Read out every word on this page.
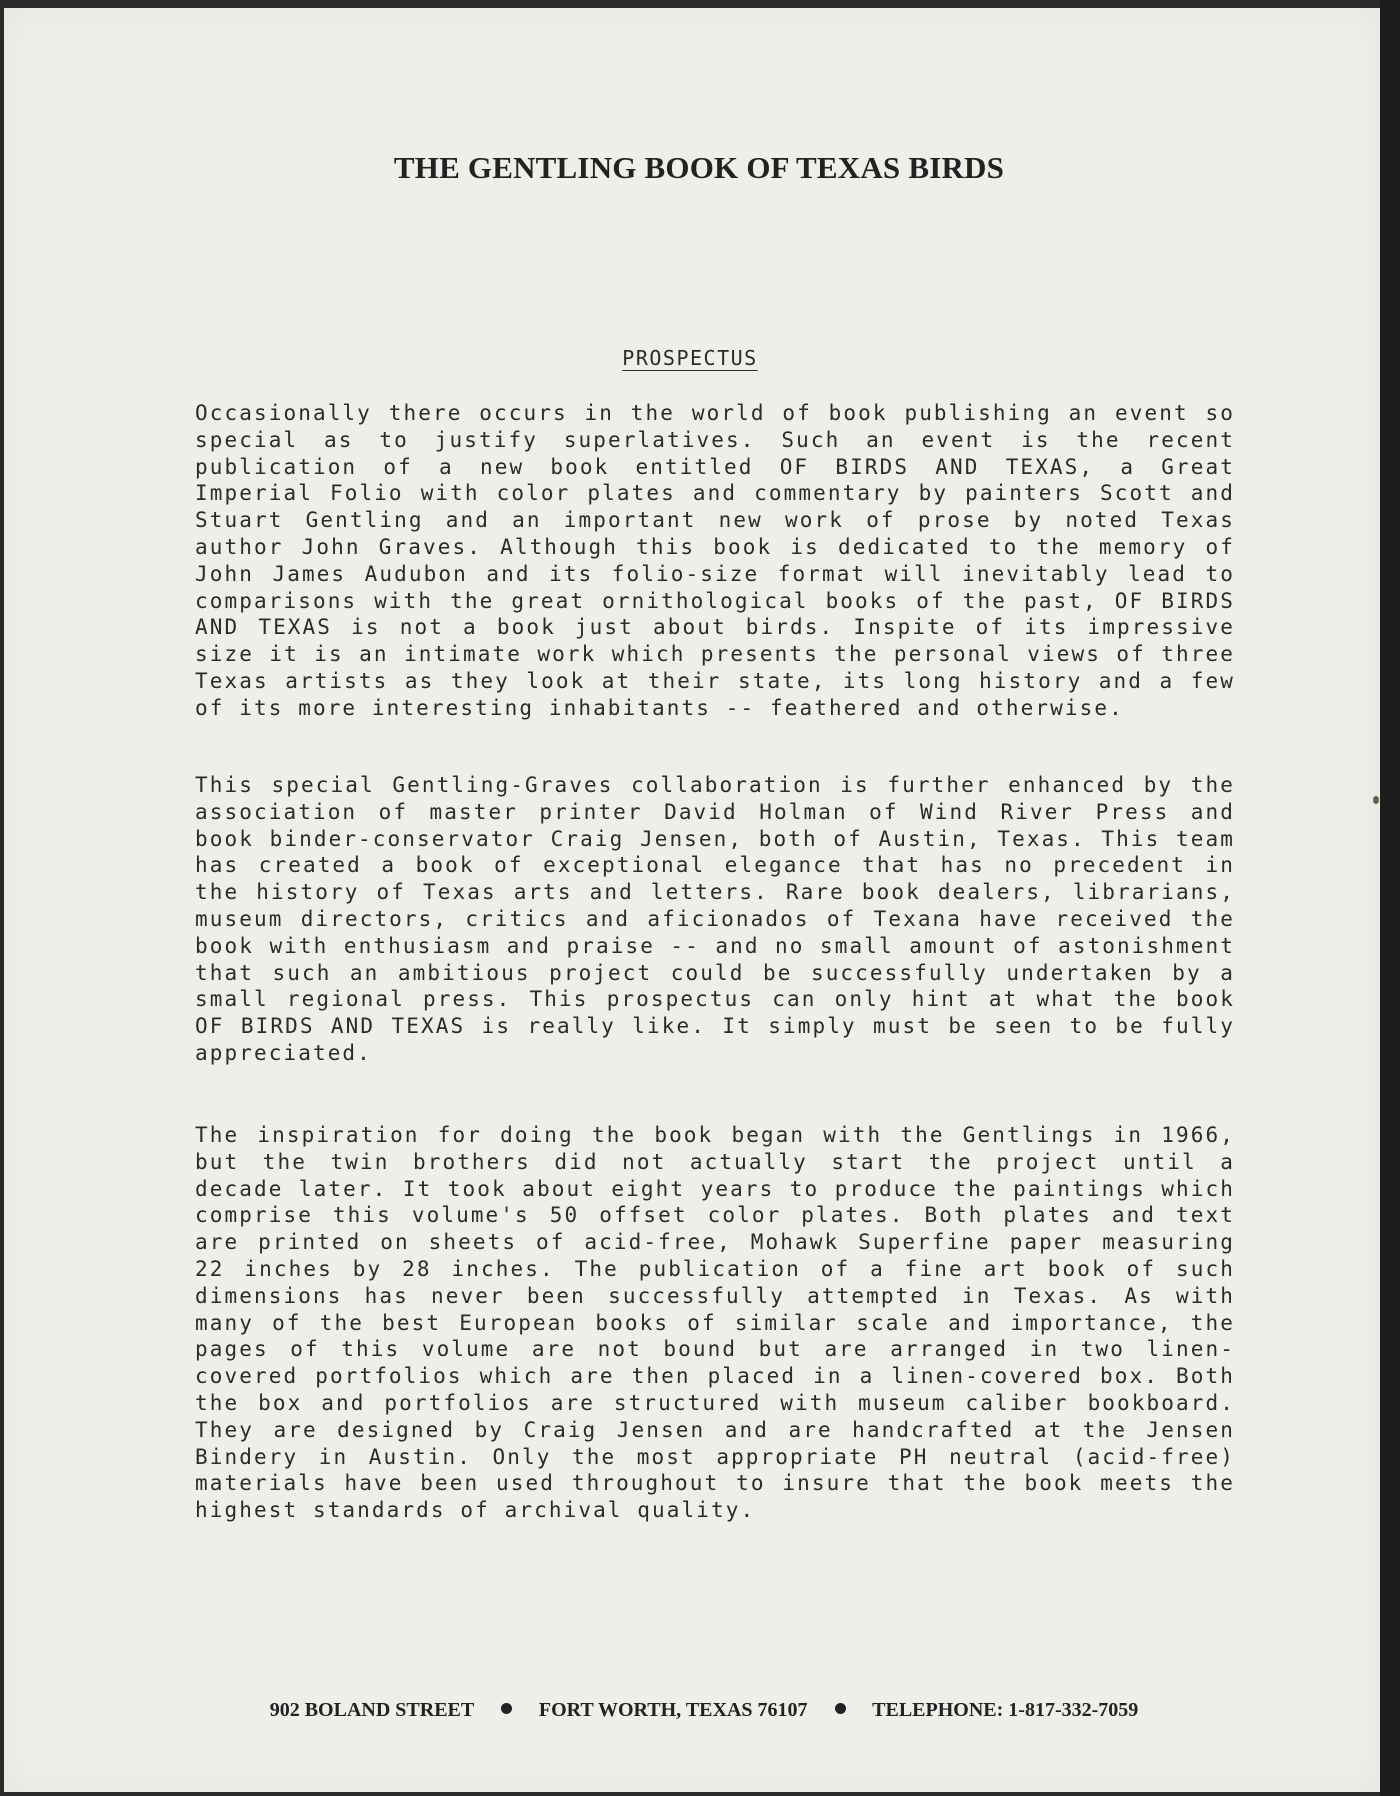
THE GENTLING BOOK OF TEXAS BIRDS
PROSPECTUS

Occasionally there occurs in the world of book publishing an event so special as to justify superlatives. Such an event is the recent publication of a new book entitled OF BIRDS AND TEXAS, a Great Imperial Folio with color plates and commentary by painters Scott and Stuart Gentling and an important new work of prose by noted Texas author John Graves. Although this book is dedicated to the memory of John James Audubon and its folio-size format will inevitably lead to comparisons with the great ornithological books of the past, OF BIRDS AND TEXAS is not a book just about birds. Inspite of its impressive size it is an intimate work which presents the personal views of three Texas artists as they look at their state, its long history and a few of its more interesting inhabitants -- feathered and otherwise.

This special Gentling-Graves collaboration is further enhanced by the association of master printer David Holman of Wind River Press and book binder-conservator Craig Jensen, both of Austin, Texas. This team has created a book of exceptional elegance that has no precedent in the history of Texas arts and letters. Rare book dealers, librarians, museum directors, critics and aficionados of Texana have received the book with enthusiasm and praise -- and no small amount of astonishment that such an ambitious project could be successfully undertaken by a small regional press. This prospectus can only hint at what the book OF BIRDS AND TEXAS is really like. It simply must be seen to be fully appreciated.

The inspiration for doing the book began with the Gentlings in 1966, but the twin brothers did not actually start the project until a decade later. It took about eight years to produce the paintings which comprise this volume's 50 offset color plates. Both plates and text are printed on sheets of acid-free, Mohawk Superfine paper measuring 22 inches by 28 inches. The publication of a fine art book of such dimensions has never been successfully attempted in Texas. As with many of the best European books of similar scale and importance, the pages of this volume are not bound but are arranged in two linen-covered portfolios which are then placed in a linen-covered box. Both the box and portfolios are structured with museum caliber bookboard. They are designed by Craig Jensen and are handcrafted at the Jensen Bindery in Austin. Only the most appropriate PH neutral (acid-free) materials have been used throughout to insure that the book meets the highest standards of archival quality.

902 BOLAND STREET	FORT WORTH, TEXAS 76107	TELEPHONE: 1-817-332-7059
